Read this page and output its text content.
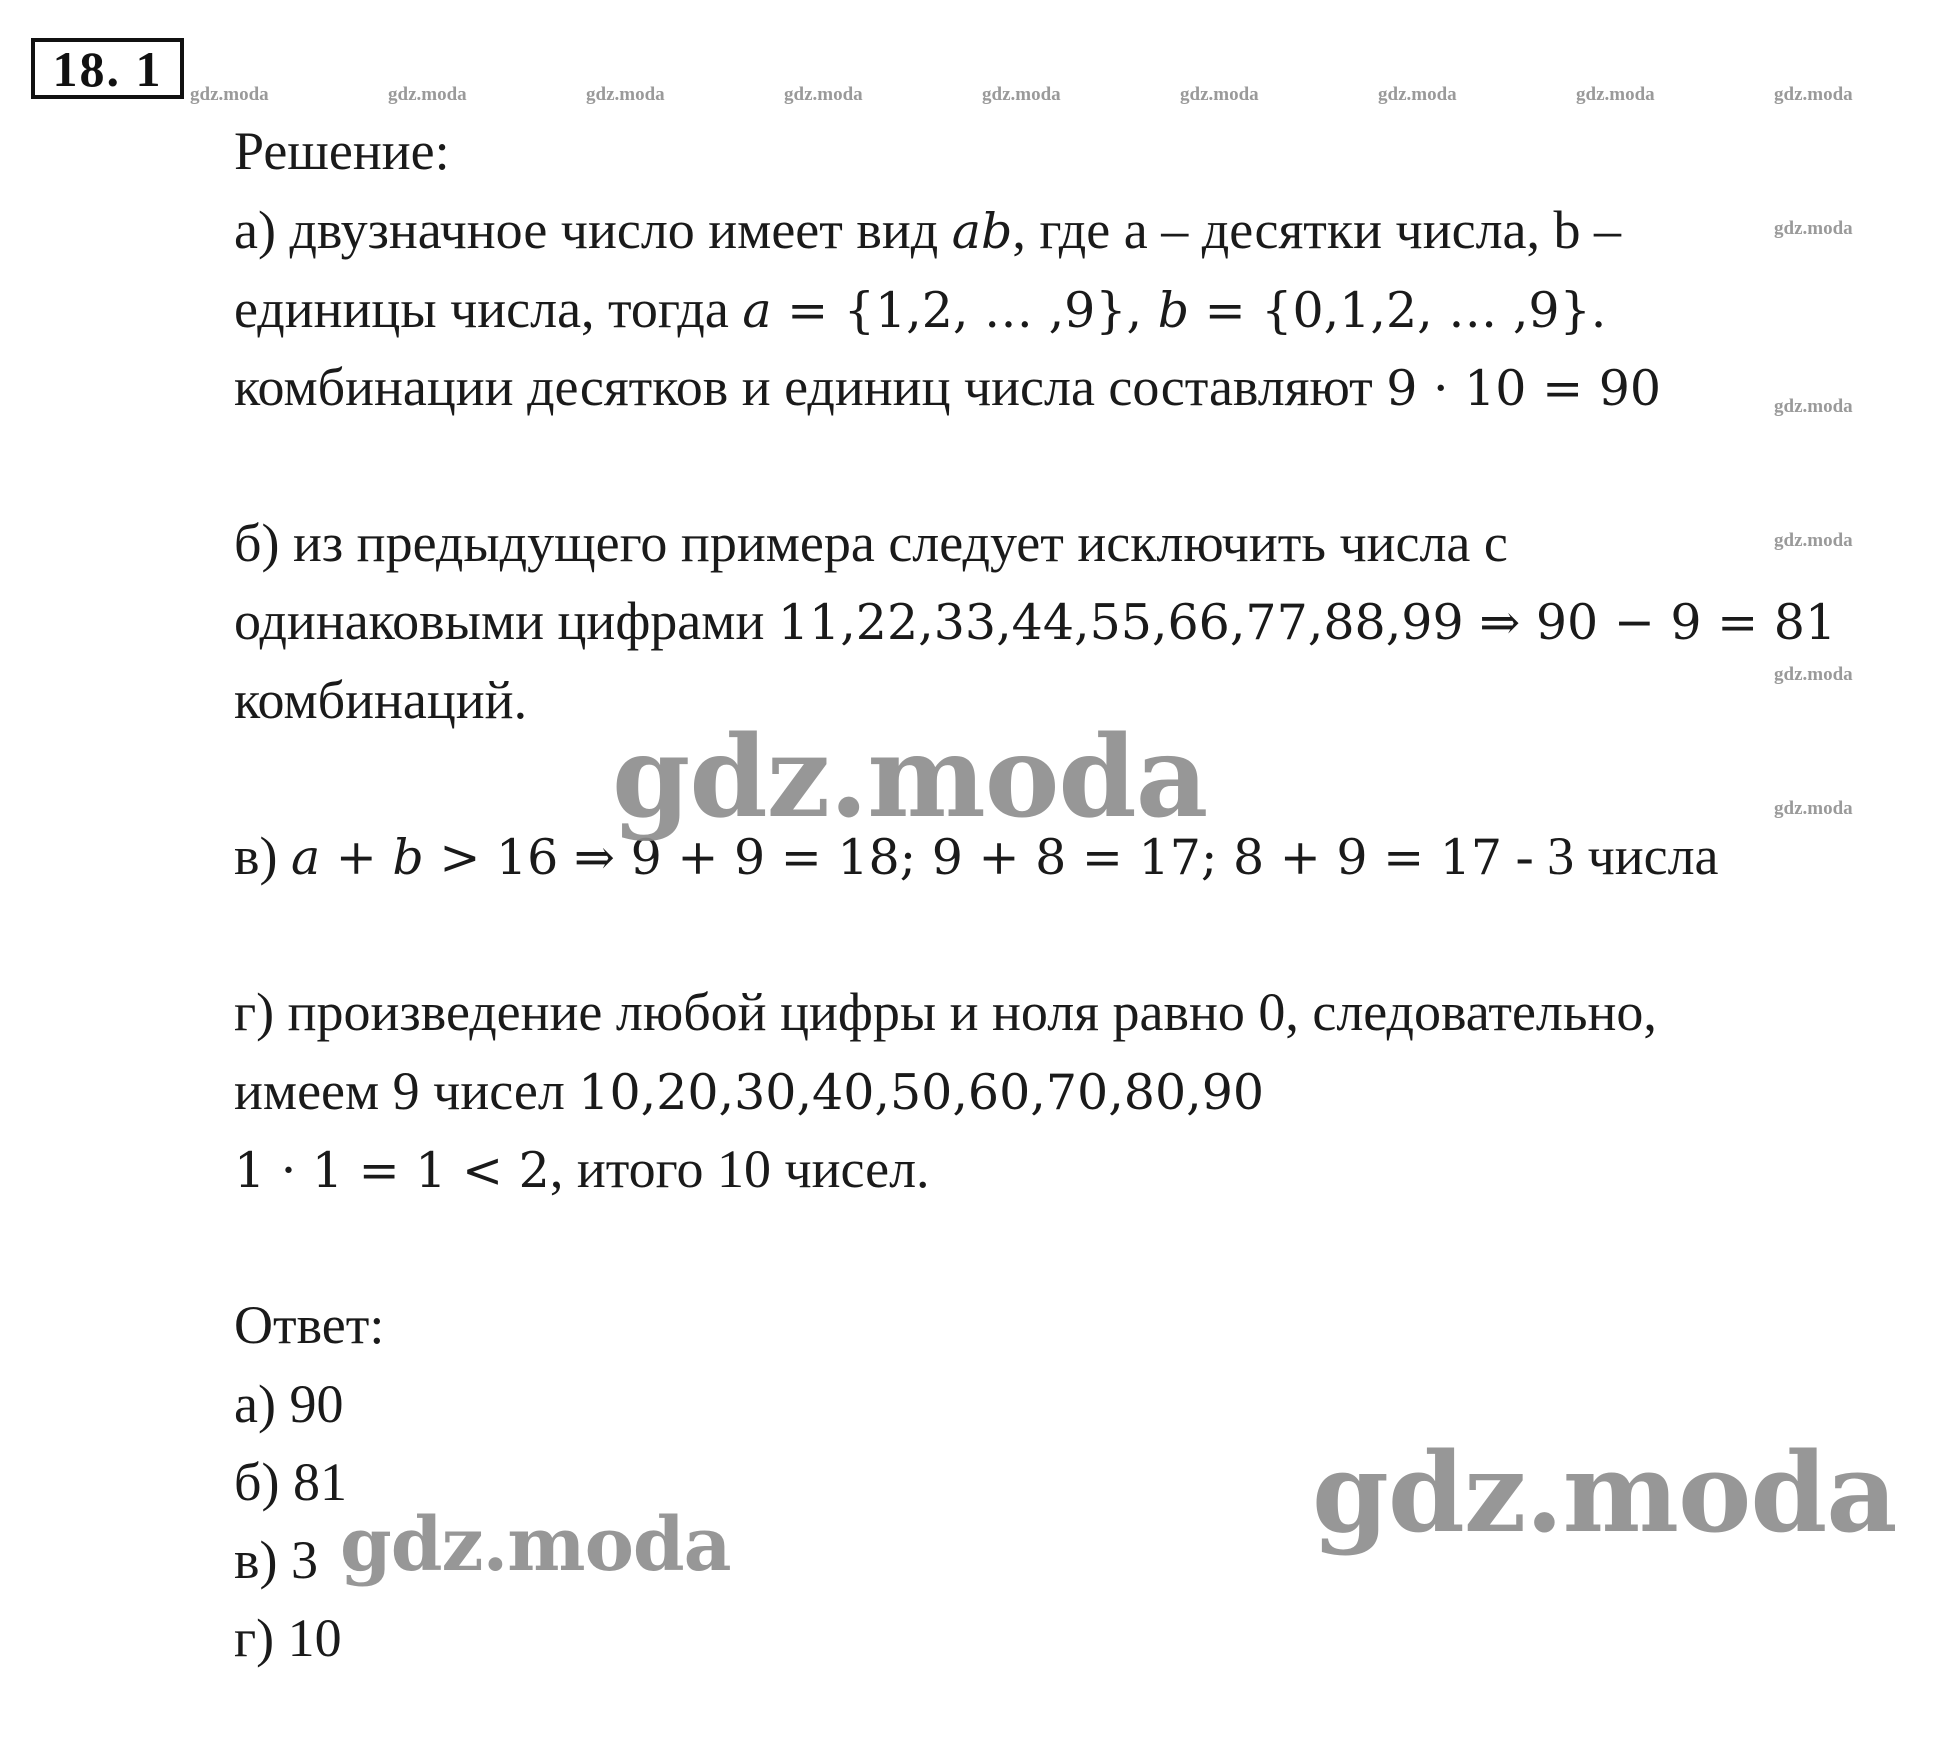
18. 1	gdz.moda	gdz.moda	gdz.moda	gdz.moda	gdz.moda	gdz.moda	gdz.moda	gdz.moda	gdz.moda
gdz.moda
gdz.moda
gdz.moda
gdz.moda
gdz.moda
Решение:
а) двузначное число имеет вид ab, где a – десятки числа, b –
единицы числа, тогда a = {1,2, … ,9}, b = {0,1,2, … ,9}.
комбинации десятков и единиц числа составляют 9 · 10 = 90
б) из предыдущего примера следует исключить числа с
одинаковыми цифрами 11,22,33,44,55,66,77,88,99 ⇒ 90 − 9 = 81
комбинаций.
в) a + b > 16 ⇒ 9 + 9 = 18; 9 + 8 = 17; 8 + 9 = 17 - 3 числа
г) произведение любой цифры и ноля равно 0, следовательно,
имеем 9 чисел 10,20,30,40,50,60,70,80,90
1 · 1 = 1 < 2, итого 10 чисел.
Ответ:
а) 90
б) 81
в) 3
г) 10
gdz.moda
gdz.moda	gdz.moda
